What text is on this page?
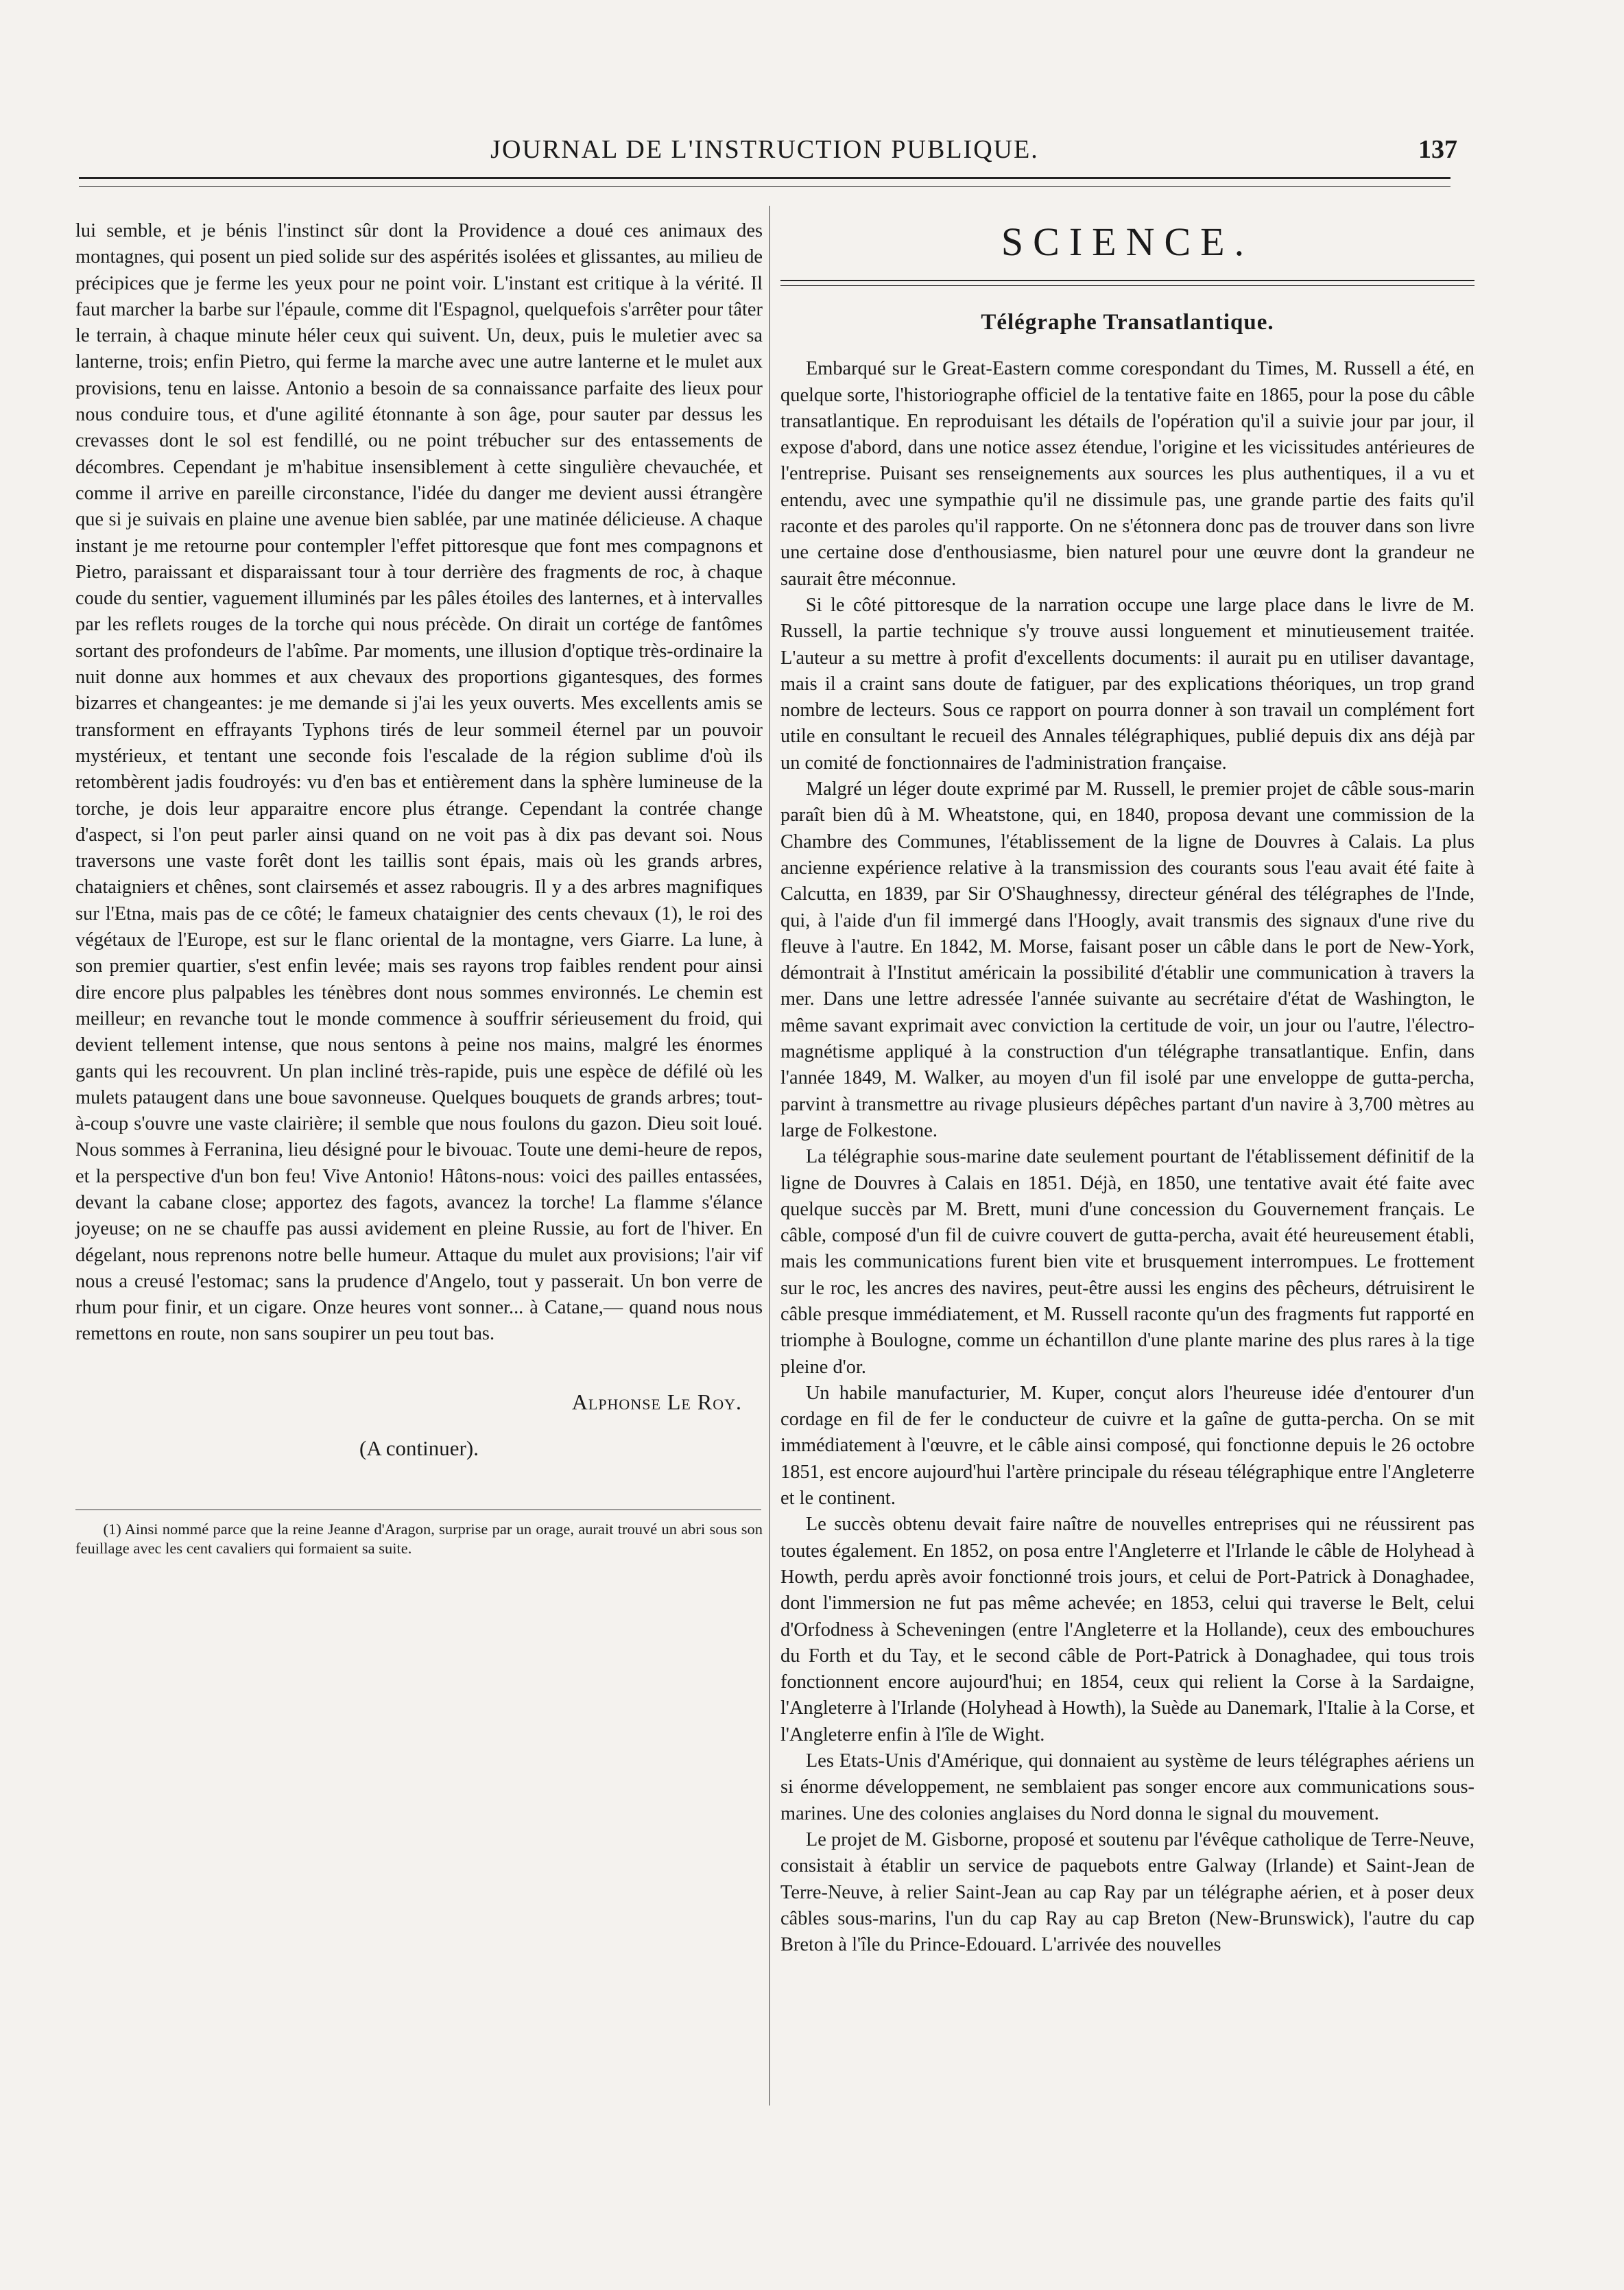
JOURNAL DE L'INSTRUCTION PUBLIQUE.	137

lui semble, et je bénis l'instinct sûr dont la Providence a doué ces animaux des montagnes, qui posent un pied solide sur des aspérités isolées et glissantes, au milieu de précipices que je ferme les yeux pour ne point voir. L'instant est critique à la vérité. Il faut marcher la barbe sur l'épaule, comme dit l'Espagnol, quelquefois s'arrêter pour tâter le terrain, à chaque minute héler ceux qui suivent. Un, deux, puis le muletier avec sa lanterne, trois; enfin Pietro, qui ferme la marche avec une autre lanterne et le mulet aux provisions, tenu en laisse. Antonio a besoin de sa connaissance parfaite des lieux pour nous conduire tous, et d'une agilité étonnante à son âge, pour sauter par dessus les crevasses dont le sol est fendillé, ou ne point trébucher sur des entassements de décombres. Cependant je m'habitue insensiblement à cette singulière chevauchée, et comme il arrive en pareille circonstance, l'idée du danger me devient aussi étrangère que si je suivais en plaine une avenue bien sablée, par une matinée délicieuse. A chaque instant je me retourne pour contempler l'effet pittoresque que font mes compagnons et Pietro, paraissant et disparaissant tour à tour derrière des fragments de roc, à chaque coude du sentier, vaguement illuminés par les pâles étoiles des lanternes, et à intervalles par les reflets rouges de la torche qui nous précède. On dirait un cortége de fantômes sortant des profondeurs de l'abîme. Par moments, une illusion d'optique très-ordinaire la nuit donne aux hommes et aux chevaux des proportions gigantesques, des formes bizarres et changeantes: je me demande si j'ai les yeux ouverts. Mes excellents amis se transforment en effrayants Typhons tirés de leur sommeil éternel par un pouvoir mystérieux, et tentant une seconde fois l'escalade de la région sublime d'où ils retombèrent jadis foudroyés: vu d'en bas et entièrement dans la sphère lumineuse de la torche, je dois leur apparaitre encore plus étrange. Cependant la contrée change d'aspect, si l'on peut parler ainsi quand on ne voit pas à dix pas devant soi. Nous traversons une vaste forêt dont les taillis sont épais, mais où les grands arbres, chataigniers et chênes, sont clairsemés et assez rabougris. Il y a des arbres magnifiques sur l'Etna, mais pas de ce côté; le fameux chataignier des cents chevaux (1), le roi des végétaux de l'Europe, est sur le flanc oriental de la montagne, vers Giarre. La lune, à son premier quartier, s'est enfin levée; mais ses rayons trop faibles rendent pour ainsi dire encore plus palpables les ténèbres dont nous sommes environnés. Le chemin est meilleur; en revanche tout le monde commence à souffrir sérieusement du froid, qui devient tellement intense, que nous sentons à peine nos mains, malgré les énormes gants qui les recouvrent. Un plan incliné très-rapide, puis une espèce de défilé où les mulets pataugent dans une boue savonneuse. Quelques bouquets de grands arbres; tout-à-coup s'ouvre une vaste clairière; il semble que nous foulons du gazon. Dieu soit loué. Nous sommes à Ferranina, lieu désigné pour le bivouac. Toute une demi-heure de repos, et la perspective d'un bon feu! Vive Antonio! Hâtons-nous: voici des pailles entassées, devant la cabane close; apportez des fagots, avancez la torche! La flamme s'élance joyeuse; on ne se chauffe pas aussi avidement en pleine Russie, au fort de l'hiver. En dégelant, nous reprenons notre belle humeur. Attaque du mulet aux provisions; l'air vif nous a creusé l'estomac; sans la prudence d'Angelo, tout y passerait. Un bon verre de rhum pour finir, et un cigare. Onze heures vont sonner... à Catane,— quand nous nous remettons en route, non sans soupirer un peu tout bas.

Alphonse Le Roy.
(A continuer).
(1) Ainsi nommé parce que la reine Jeanne d'Aragon, surprise par un orage, aurait trouvé un abri sous son feuillage avec les cent cavaliers qui formaient sa suite.
SCIENCE.
Télégraphe Transatlantique.

Embarqué sur le Great-Eastern comme corespondant du Times, M. Russell a été, en quelque sorte, l'historiographe officiel de la tentative faite en 1865, pour la pose du câble transatlantique. En reproduisant les détails de l'opération qu'il a suivie jour par jour, il expose d'abord, dans une notice assez étendue, l'origine et les vicissitudes antérieures de l'entreprise. Puisant ses renseignements aux sources les plus authentiques, il a vu et entendu, avec une sympathie qu'il ne dissimule pas, une grande partie des faits qu'il raconte et des paroles qu'il rapporte. On ne s'étonnera donc pas de trouver dans son livre une certaine dose d'enthousiasme, bien naturel pour une œuvre dont la grandeur ne saurait être méconnue.

Si le côté pittoresque de la narration occupe une large place dans le livre de M. Russell, la partie technique s'y trouve aussi longuement et minutieusement traitée. L'auteur a su mettre à profit d'excellents documents: il aurait pu en utiliser davantage, mais il a craint sans doute de fatiguer, par des explications théoriques, un trop grand nombre de lecteurs. Sous ce rapport on pourra donner à son travail un complément fort utile en consultant le recueil des Annales télégraphiques, publié depuis dix ans déjà par un comité de fonctionnaires de l'administration française.

Malgré un léger doute exprimé par M. Russell, le premier projet de câble sous-marin paraît bien dû à M. Wheatstone, qui, en 1840, proposa devant une commission de la Chambre des Communes, l'établissement de la ligne de Douvres à Calais. La plus ancienne expérience relative à la transmission des courants sous l'eau avait été faite à Calcutta, en 1839, par Sir O'Shaughnessy, directeur général des télégraphes de l'Inde, qui, à l'aide d'un fil immergé dans l'Hoogly, avait transmis des signaux d'une rive du fleuve à l'autre. En 1842, M. Morse, faisant poser un câble dans le port de New-York, démontrait à l'Institut américain la possibilité d'établir une communication à travers la mer. Dans une lettre adressée l'année suivante au secrétaire d'état de Washington, le même savant exprimait avec conviction la certitude de voir, un jour ou l'autre, l'électro-magnétisme appliqué à la construction d'un télégraphe transatlantique. Enfin, dans l'année 1849, M. Walker, au moyen d'un fil isolé par une enveloppe de gutta-percha, parvint à transmettre au rivage plusieurs dépêches partant d'un navire à 3,700 mètres au large de Folkestone.

La télégraphie sous-marine date seulement pourtant de l'établissement définitif de la ligne de Douvres à Calais en 1851. Déjà, en 1850, une tentative avait été faite avec quelque succès par M. Brett, muni d'une concession du Gouvernement français. Le câble, composé d'un fil de cuivre couvert de gutta-percha, avait été heureusement établi, mais les communications furent bien vite et brusquement interrompues. Le frottement sur le roc, les ancres des navires, peut-être aussi les engins des pêcheurs, détruisirent le câble presque immédiatement, et M. Russell raconte qu'un des fragments fut rapporté en triomphe à Boulogne, comme un échantillon d'une plante marine des plus rares à la tige pleine d'or.

Un habile manufacturier, M. Kuper, conçut alors l'heureuse idée d'entourer d'un cordage en fil de fer le conducteur de cuivre et la gaîne de gutta-percha. On se mit immédiatement à l'œuvre, et le câble ainsi composé, qui fonctionne depuis le 26 octobre 1851, est encore aujourd'hui l'artère principale du réseau télégraphique entre l'Angleterre et le continent.

Le succès obtenu devait faire naître de nouvelles entreprises qui ne réussirent pas toutes également. En 1852, on posa entre l'Angleterre et l'Irlande le câble de Holyhead à Howth, perdu après avoir fonctionné trois jours, et celui de Port-Patrick à Donaghadee, dont l'immersion ne fut pas même achevée; en 1853, celui qui traverse le Belt, celui d'Orfodness à Scheveningen (entre l'Angleterre et la Hollande), ceux des embouchures du Forth et du Tay, et le second câble de Port-Patrick à Donaghadee, qui tous trois fonctionnent encore aujourd'hui; en 1854, ceux qui relient la Corse à la Sardaigne, l'Angleterre à l'Irlande (Holyhead à Howth), la Suède au Danemark, l'Italie à la Corse, et l'Angleterre enfin à l'île de Wight.

Les Etats-Unis d'Amérique, qui donnaient au système de leurs télégraphes aériens un si énorme développement, ne semblaient pas songer encore aux communications sous-marines. Une des colonies anglaises du Nord donna le signal du mouvement.

Le projet de M. Gisborne, proposé et soutenu par l'évêque catholique de Terre-Neuve, consistait à établir un service de paquebots entre Galway (Irlande) et Saint-Jean de Terre-Neuve, à relier Saint-Jean au cap Ray par un télégraphe aérien, et à poser deux câbles sous-marins, l'un du cap Ray au cap Breton (New-Brunswick), l'autre du cap Breton à l'île du Prince-Edouard. L'arrivée des nouvelles
